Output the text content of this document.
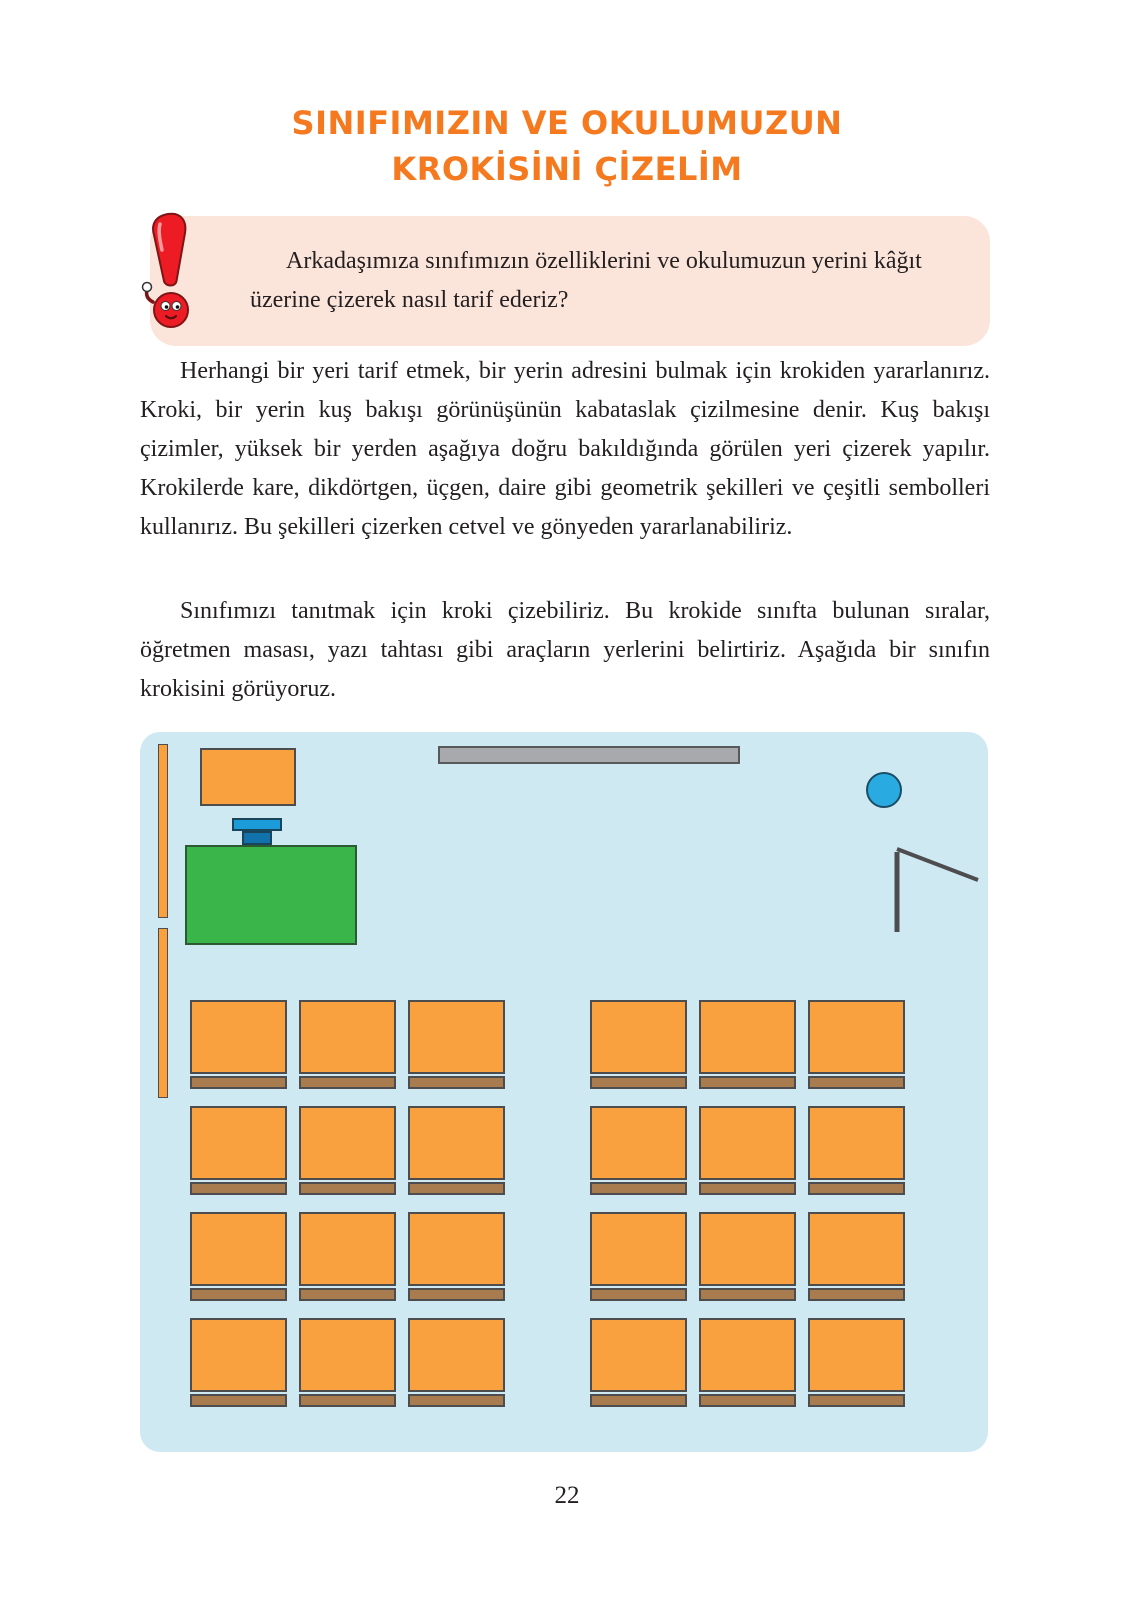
SINIFIMIZIN VE OKULUMUZUN
KROKİSİNİ ÇİZELİM
Arkadaşımıza sınıfımızın özelliklerini ve okulumuzun yerini kâğıt üzerine çizerek nasıl tarif ederiz?

Herhangi bir yeri tarif etmek, bir yerin adresini bulmak için krokiden yararlanırız. Kroki, bir yerin kuş bakışı görünüşünün kabataslak çizilmesine denir. Kuş bakışı çizimler, yüksek bir yerden aşağıya doğru bakıldığında görülen yeri çizerek yapılır. Krokilerde kare, dikdörtgen, üçgen, daire gibi geometrik şekilleri ve çeşitli sembolleri kullanırız. Bu şekilleri çizerken cetvel ve gönyeden yararlanabiliriz.

Sınıfımızı tanıtmak için kroki çizebiliriz. Bu krokide sınıfta bulunan sıralar, öğretmen masası, yazı tahtası gibi araçların yerlerini belirtiriz. Aşağıda bir sınıfın krokisini görüyoruz.

22
